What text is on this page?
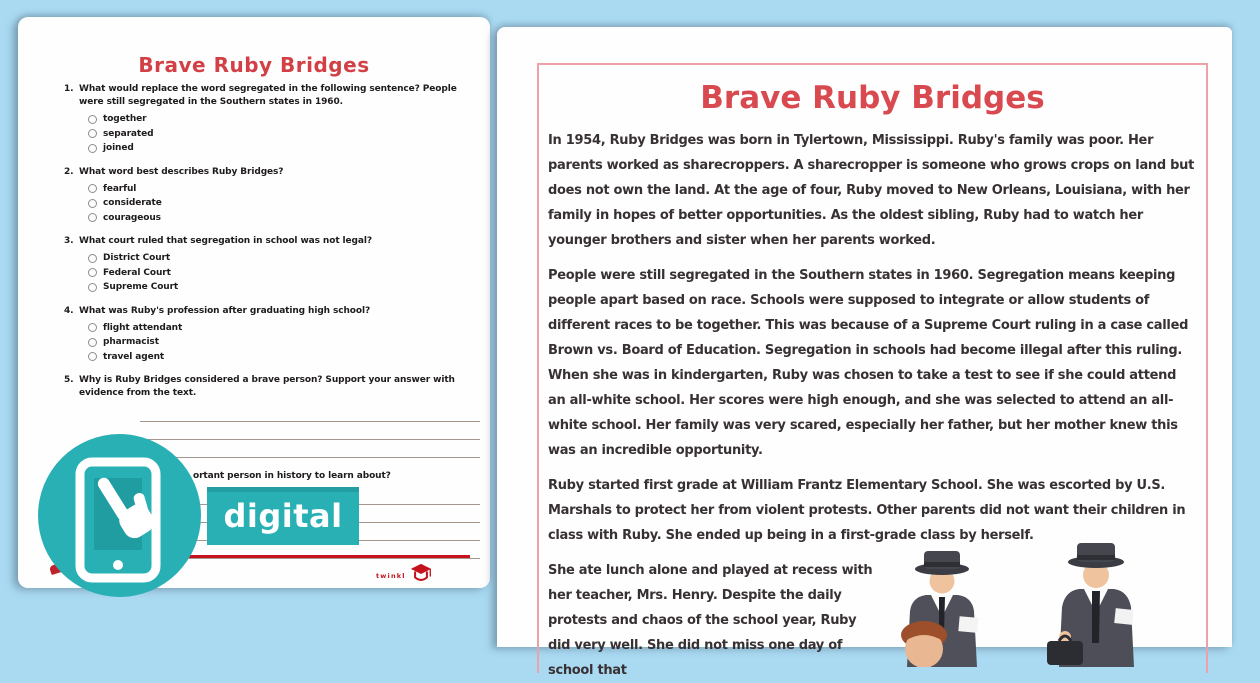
Brave Ruby Bridges
1. What would replace the word segregated in the following sentence? People were still segregated in the Southern states in 1960.
together
separated
joined
2. What word best describes Ruby Bridges?
fearful
considerate
courageous
3. What court ruled that segregation in school was not legal?
District Court
Federal Court
Supreme Court
4. What was Ruby's profession after graduating high school?
flight attendant
pharmacist
travel agent
5. Why is Ruby Bridges considered a brave person? Support your answer with evidence from the text.
ortant person in history to learn about?
twinkl
digital
Brave Ruby Bridges

In 1954, Ruby Bridges was born in Tylertown, Mississippi. Ruby's family was poor. Her parents worked as sharecroppers. A sharecropper is someone who grows crops on land but does not own the land. At the age of four, Ruby moved to New Orleans, Louisiana, with her family in hopes of better opportunities. As the oldest sibling, Ruby had to watch her younger brothers and sister when her parents worked.

People were still segregated in the Southern states in 1960. Segregation means keeping people apart based on race. Schools were supposed to integrate or allow students of different races to be together. This was because of a Supreme Court ruling in a case called Brown vs. Board of Education. Segregation in schools had become illegal after this ruling. When she was in kindergarten, Ruby was chosen to take a test to see if she could attend an all-white school. Her scores were high enough, and she was selected to attend an all-white school. Her family was very scared, especially her father, but her mother knew this was an incredible opportunity.

Ruby started first grade at William Frantz Elementary School. She was escorted by U.S. Marshals to protect her from violent protests. Other parents did not want their children in class with Ruby. She ended up being in a first-grade class by herself.

She ate lunch alone and played at recess with her teacher, Mrs. Henry. Despite the daily protests and chaos of the school year, Ruby did very well. She did not miss one day of school that
